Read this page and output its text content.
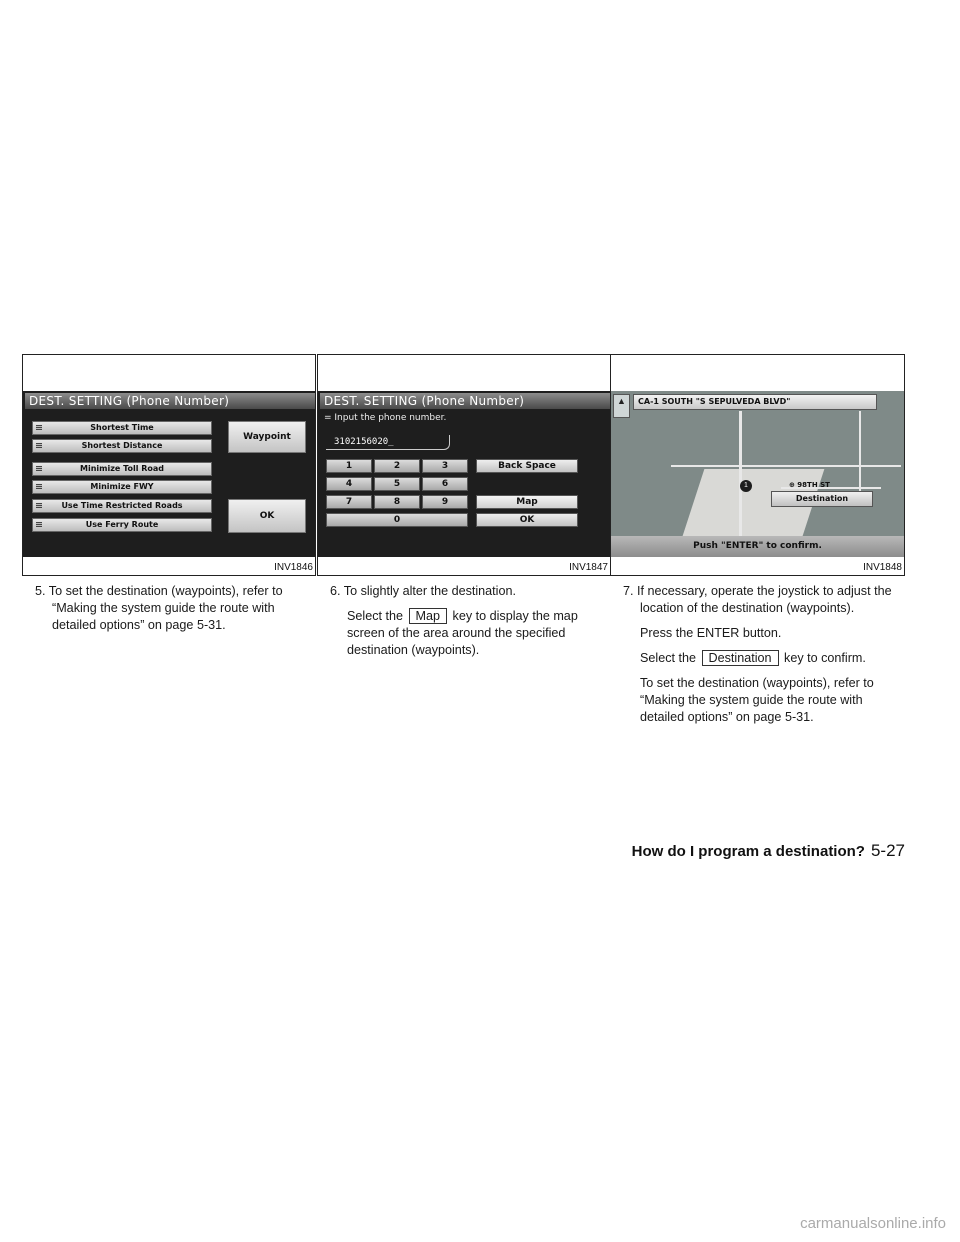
DEST. SETTING (Phone Number)
Shortest Time
Shortest Distance
Minimize Toll Road
Minimize FWY
Use Time Restricted Roads
Use Ferry Route
Waypoint
OK
INV1846
DEST. SETTING (Phone Number)
= Input the phone number.
3102156020_
1	2	3
4	5	6
7	8	9
0
Back Space
Map
OK
INV1847
▲	CA-1 SOUTH "S SEPULVEDA BLVD"
⊕ 98TH ST
1
Destination
Push "ENTER" to confirm.
INV1848

5. To set the destination (waypoints), refer to “Making the system guide the route with detailed options” on page 5-31.

6. To slightly alter the destination.

Select the Map key to display the map screen of the area around the specified destination (waypoints).

7. If necessary, operate the joystick to adjust the location of the destination (waypoints).

Press the ENTER button.

Select the Destination key to confirm.

To set the destination (waypoints), refer to “Making the system guide the route with detailed options” on page 5-31.

How do I program a destination? 5-27
carmanualsonline.info
